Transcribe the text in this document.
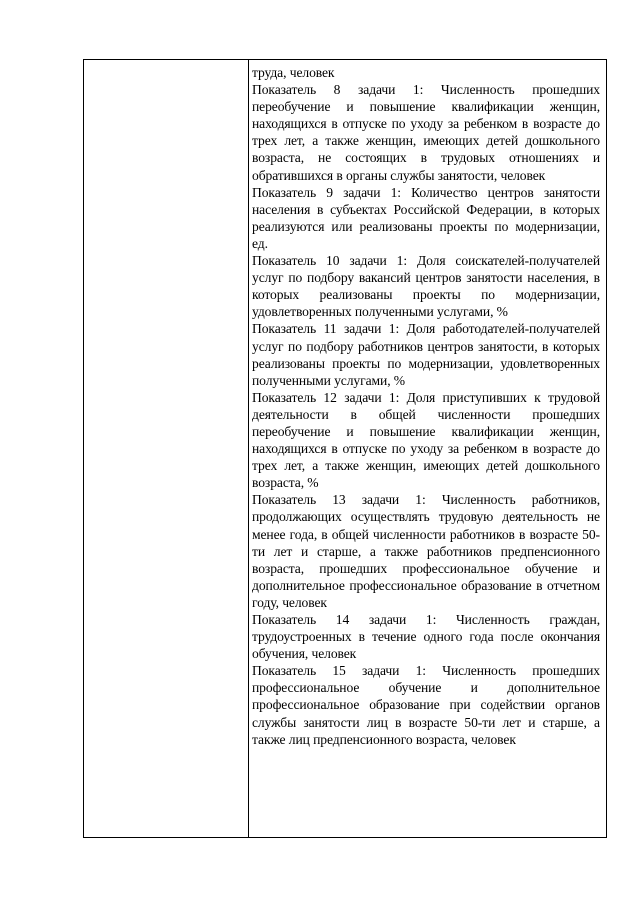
труда, человек

Показатель 8 задачи 1: Численность прошедших переобучение и повышение квалификации женщин, находящихся в отпуске по уходу за ребенком в возрасте до трех лет, а также женщин, имеющих детей дошкольного возраста, не состоящих в трудовых отношениях и обратившихся в органы службы занятости, человек

Показатель 9 задачи 1: Количество центров занятости населения в субъектах Российской Федерации, в которых реализуются или реализованы проекты по модернизации, ед.

Показатель 10 задачи 1: Доля соискателей-получателей услуг по подбору вакансий центров занятости населения, в которых реализованы проекты по модернизации, удовлетворенных полученными услугами, %

Показатель 11 задачи 1: Доля работодателей-получателей услуг по подбору работников центров занятости, в которых реализованы проекты по модернизации, удовлетворенных полученными услугами, %

Показатель 12 задачи 1: Доля приступивших к трудовой деятельности в общей численности прошедших переобучение и повышение квалификации женщин, находящихся в отпуске по уходу за ребенком в возрасте до трех лет, а также женщин, имеющих детей дошкольного возраста, %

Показатель 13 задачи 1: Численность работников, продолжающих осуществлять трудовую деятельность не менее года, в общей численности работников в возрасте 50-ти лет и старше, а также работников предпенсионного возраста, прошедших профессиональное обучение и дополнительное профессиональное образование в отчетном году, человек

Показатель 14 задачи 1: Численность граждан, трудоустроенных в течение одного года после окончания обучения, человек

Показатель 15 задачи 1: Численность прошедших профессиональное обучение и дополнительное профессиональное образование при содействии органов службы занятости лиц в возрасте 50-ти лет и старше, а также лиц предпенсионного возраста, человек
